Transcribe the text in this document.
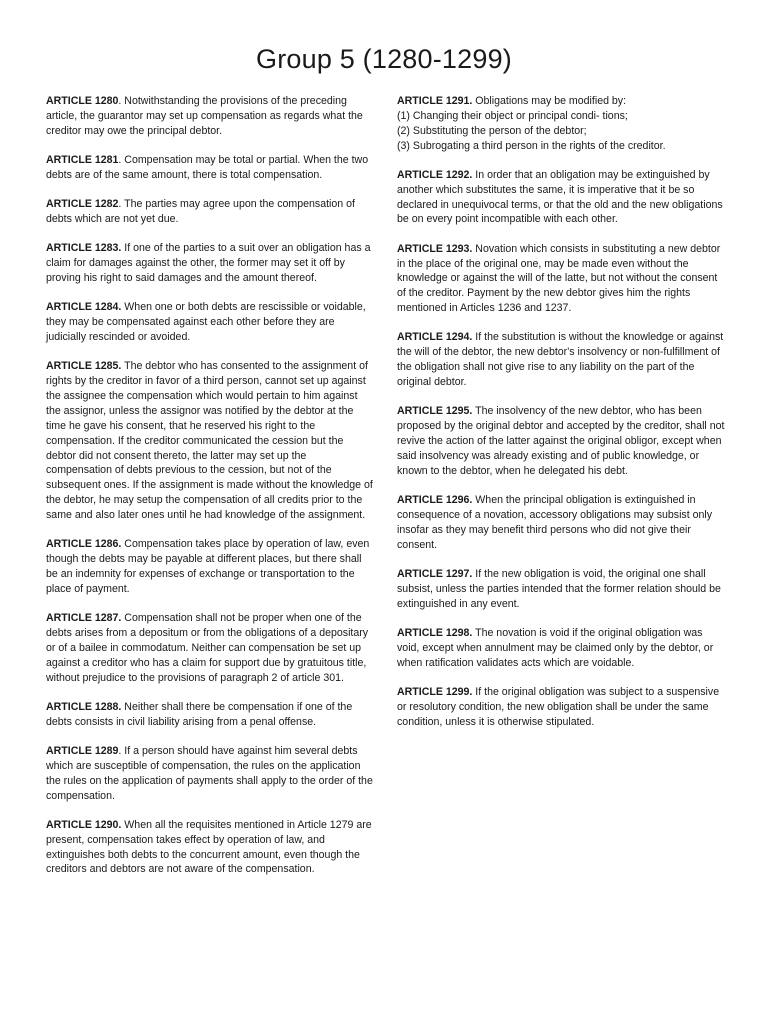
Group 5 (1280-1299)

ARTICLE 1280. Notwithstanding the provisions of the preceding article, the guarantor may set up compensation as regards what the creditor may owe the principal debtor.

ARTICLE 1281. Compensation may be total or partial. When the two debts are of the same amount, there is total compensation.

ARTICLE 1282. The parties may agree upon the compensation of debts which are not yet due.

ARTICLE 1283. If one of the parties to a suit over an obligation has a claim for damages against the other, the former may set it off by proving his right to said damages and the amount thereof.

ARTICLE 1284. When one or both debts are rescissible or voidable, they may be compensated against each other before they are judicially rescinded or avoided.

ARTICLE 1285. The debtor who has consented to the assignment of rights by the creditor in favor of a third person, cannot set up against the assignee the compensation which would pertain to him against the assignor, unless the assignor was notified by the debtor at the time he gave his consent, that he reserved his right to the compensation. If the creditor communicated the cession but the debtor did not consent thereto, the latter may set up the compensation of debts previous to the cession, but not of the subsequent ones. If the assignment is made without the knowledge of the debtor, he may setup the compensation of all credits prior to the same and also later ones until he had knowledge of the assignment.

ARTICLE 1286. Compensation takes place by operation of law, even though the debts may be payable at different places, but there shall be an indemnity for expenses of exchange or transportation to the place of payment.

ARTICLE 1287. Compensation shall not be proper when one of the debts arises from a depositum or from the obligations of a depositary or of a bailee in commodatum. Neither can compensation be set up against a creditor who has a claim for support due by gratuitous title, without prejudice to the provisions of paragraph 2 of article 301.

ARTICLE 1288. Neither shall there be compensation if one of the debts consists in civil liability arising from a penal offense.

ARTICLE 1289. If a person should have against him several debts which are susceptible of compensation, the rules on the application the rules on the application of payments shall apply to the order of the compensation.

ARTICLE 1290. When all the requisites mentioned in Article 1279 are present, compensation takes effect by operation of law, and extinguishes both debts to the concurrent amount, even though the creditors and debtors are not aware of the compensation.

ARTICLE 1291. Obligations may be modified by:
(1) Changing their object or principal condi- tions;
(2) Substituting the person of the debtor;
(3) Subrogating a third person in the rights of the creditor.

ARTICLE 1292. In order that an obligation may be extinguished by another which substitutes the same, it is imperative that it be so declared in unequivocal terms, or that the old and the new obligations be on every point incompatible with each other.

ARTICLE 1293. Novation which consists in substituting a new debtor in the place of the original one, may be made even without the knowledge or against the will of the latte, but not without the consent of the creditor. Payment by the new debtor gives him the rights mentioned in Articles 1236 and 1237.

ARTICLE 1294. If the substitution is without the knowledge or against the will of the debtor, the new debtor's insolvency or non-fulfillment of the obligation shall not give rise to any liability on the part of the original debtor.

ARTICLE 1295. The insolvency of the new debtor, who has been proposed by the original debtor and accepted by the creditor, shall not revive the action of the latter against the original obligor, except when said insolvency was already existing and of public knowledge, or known to the debtor, when he delegated his debt.

ARTICLE 1296. When the principal obligation is extinguished in consequence of a novation, accessory obligations may subsist only insofar as they may benefit third persons who did not give their consent.

ARTICLE 1297. If the new obligation is void, the original one shall subsist, unless the parties intended that the former relation should be extinguished in any event.

ARTICLE 1298. The novation is void if the original obligation was void, except when annulment may be claimed only by the debtor, or when ratification validates acts which are voidable.

ARTICLE 1299. If the original obligation was subject to a suspensive or resolutory condition, the new obligation shall be under the same condition, unless it is otherwise stipulated.
